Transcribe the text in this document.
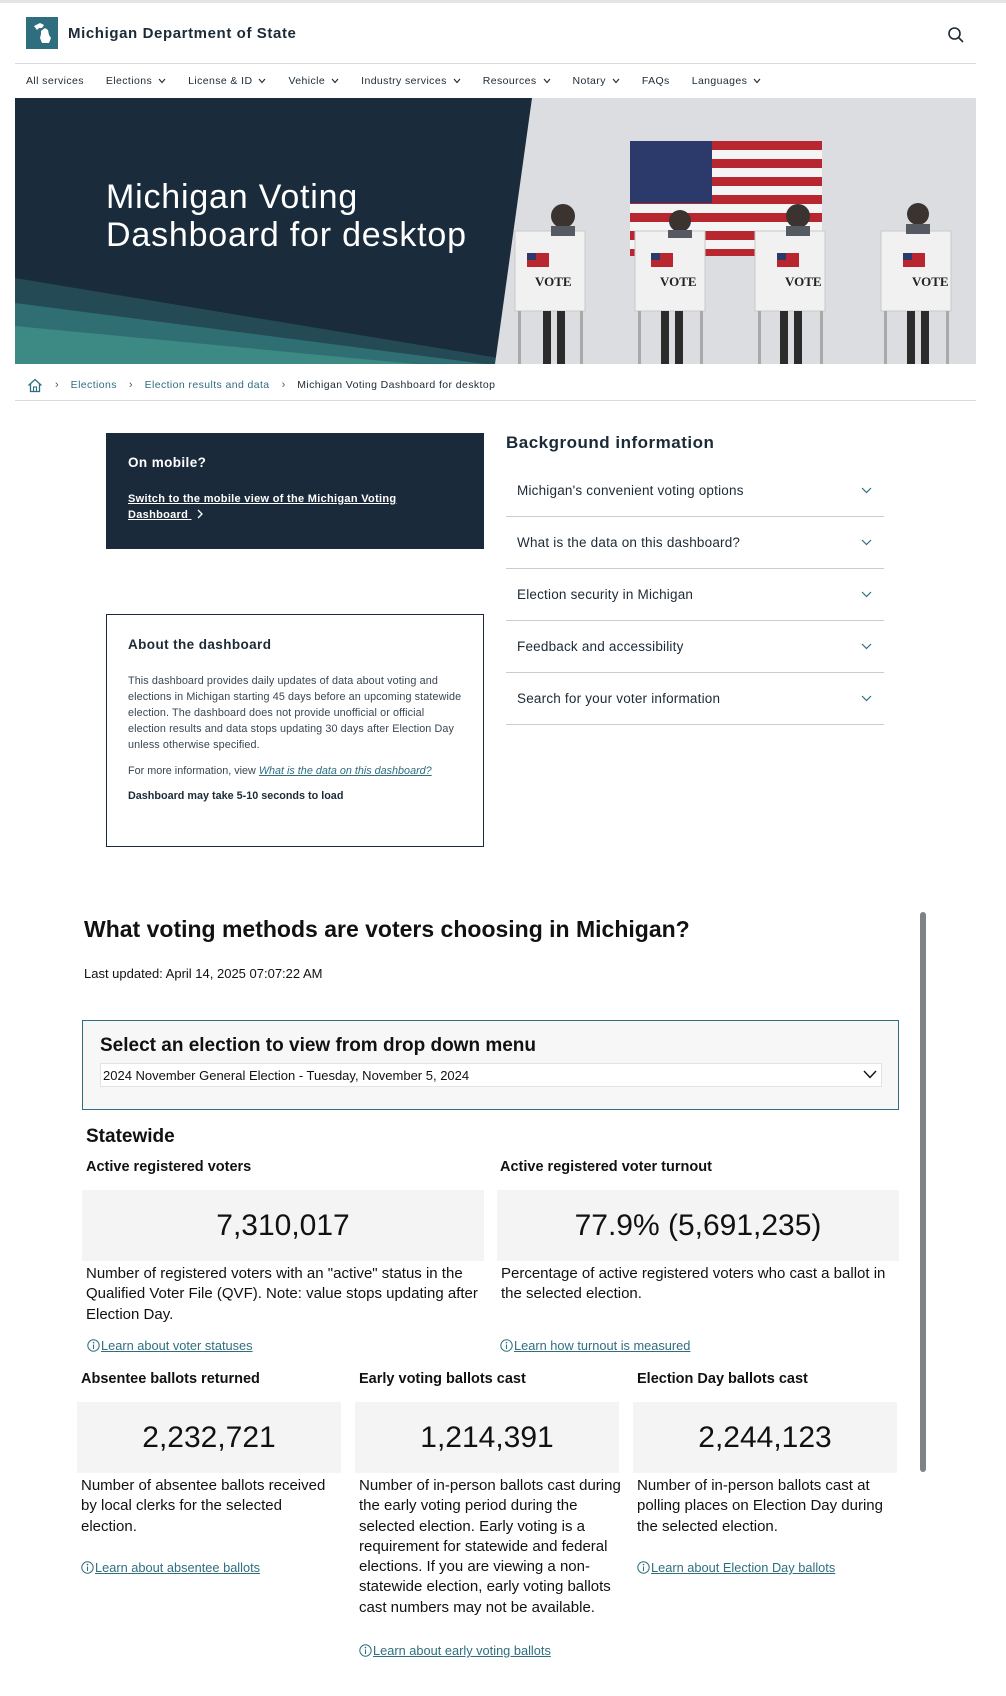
Michigan Department of State
All services Elections	License & ID	Vehicle	Industry services	Resources	Notary	FAQs Languages
VOTE	VOTE	VOTE	VOTE
Michigan Voting
Dashboard for desktop
› Elections › Election results and data › Michigan Voting Dashboard for desktop
On mobile?
Switch to the mobile view of the Michigan Voting
Dashboard
About the dashboard

This dashboard provides daily updates of data about voting and elections in Michigan starting 45 days before an upcoming statewide election. The dashboard does not provide unofficial or official election results and data stops updating 30 days after Election Day unless otherwise specified.

For more information, view What is the data on this dashboard?

Dashboard may take 5-10 seconds to load

Background information
Michigan's convenient voting options
What is the data on this dashboard?
Election security in Michigan
Feedback and accessibility
Search for your voter information
What voting methods are voters choosing in Michigan?
Last updated: April 14, 2025 07:07:22 AM
Select an election to view from drop down menu
2024 November General Election - Tuesday, November 5, 2024
Statewide
Active registered voters
7,310,017
Number of registered voters with an "active" status in the Qualified Voter File (QVF). Note: value stops updating after Election Day.
Learn about voter statuses
Active registered voter turnout
77.9% (5,691,235)
Percentage of active registered voters who cast a ballot in the selected election.
Learn how turnout is measured
Absentee ballots returned
2,232,721
Number of absentee ballots received by local clerks for the selected election.
Learn about absentee ballots
Early voting ballots cast
1,214,391
Number of in-person ballots cast during the early voting period during the selected election. Early voting is a requirement for statewide and federal elections. If you are viewing a non-statewide election, early voting ballots cast numbers may not be available.
Learn about early voting ballots
Election Day ballots cast
2,244,123
Number of in-person ballots cast at polling places on Election Day during the selected election.
Learn about Election Day ballots
